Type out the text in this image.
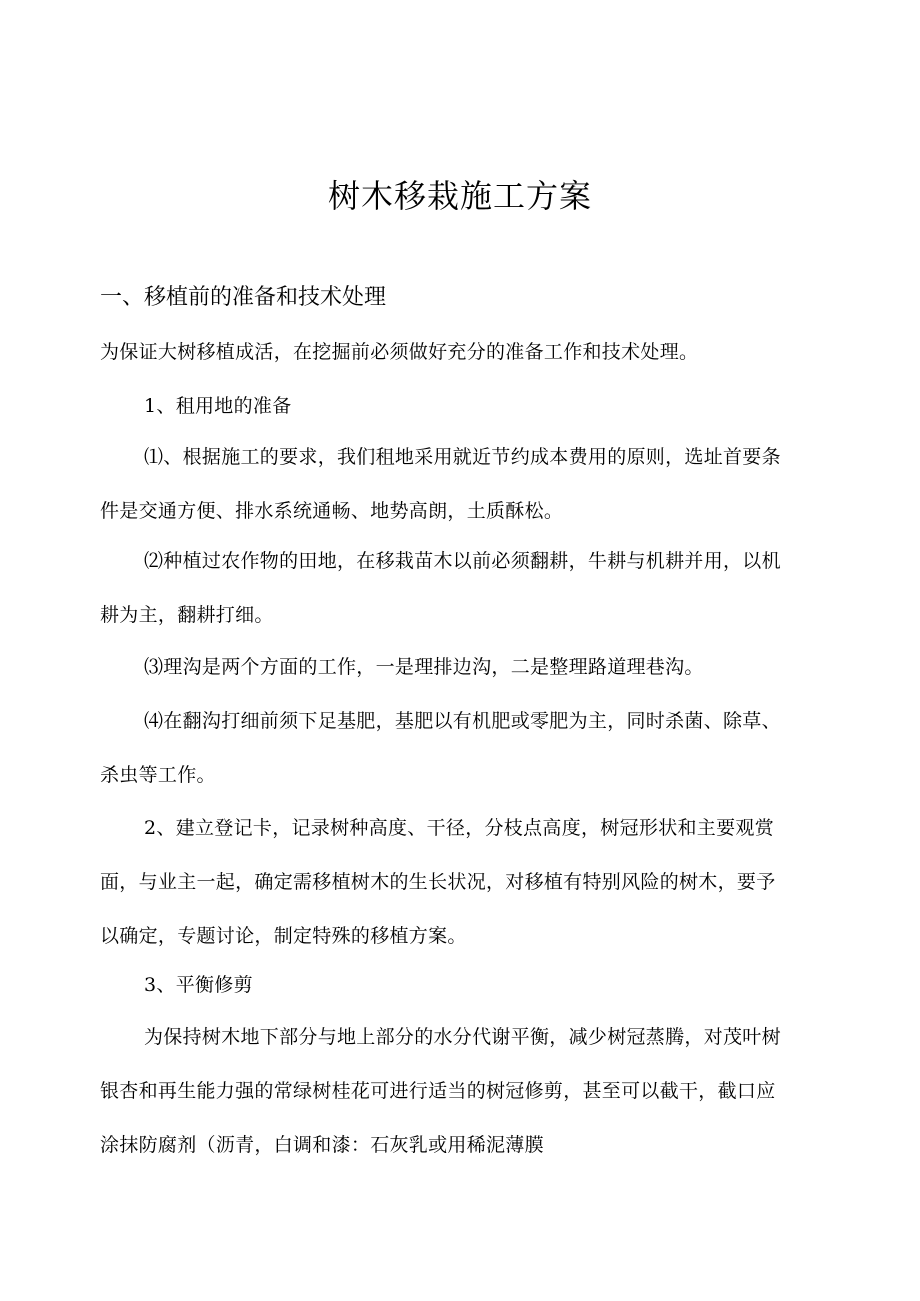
树木移栽施工方案
一、移植前的准备和技术处理
为保证大树移植成活，在挖掘前必须做好充分的准备工作和技术处理。
1、租用地的准备
⑴、根据施工的要求，我们租地采用就近节约成本费用的原则，选址首要条件是交通方便、排水系统通畅、地势高朗，土质酥松。
⑵种植过农作物的田地，在移栽苗木以前必须翻耕，牛耕与机耕并用，以机耕为主，翻耕打细。
⑶理沟是两个方面的工作，一是理排边沟，二是整理路道理巷沟。
⑷在翻沟打细前须下足基肥，基肥以有机肥或零肥为主，同时杀菌、除草、杀虫等工作。
2、建立登记卡，记录树种高度、干径，分枝点高度，树冠形状和主要观赏面，与业主一起，确定需移植树木的生长状况，对移植有特别风险的树木，要予以确定，专题讨论，制定特殊的移植方案。
3、平衡修剪
为保持树木地下部分与地上部分的水分代谢平衡，减少树冠蒸腾，对茂叶树银杏和再生能力强的常绿树桂花可进行适当的树冠修剪，甚至可以截干，截口应涂抹防腐剂（沥青，白调和漆：石灰乳或用稀泥薄膜
